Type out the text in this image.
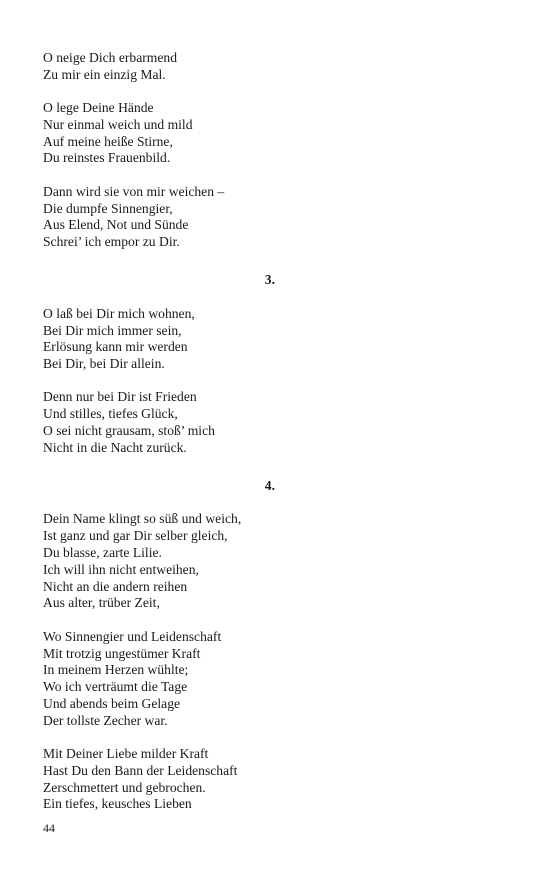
O neige Dich erbarmend
Zu mir ein einzig Mal.
O lege Deine Hände
Nur einmal weich und mild
Auf meine heiße Stirne,
Du reinstes Frauenbild.
Dann wird sie von mir weichen –
Die dumpfe Sinnengier,
Aus Elend, Not und Sünde
Schrei’ ich empor zu Dir.
3.
O laß bei Dir mich wohnen,
Bei Dir mich immer sein,
Erlösung kann mir werden
Bei Dir, bei Dir allein.
Denn nur bei Dir ist Frieden
Und stilles, tiefes Glück,
O sei nicht grausam, stoß’ mich
Nicht in die Nacht zurück.
4.
Dein Name klingt so süß und weich,
Ist ganz und gar Dir selber gleich,
Du blasse, zarte Lilie.
Ich will ihn nicht entweihen,
Nicht an die andern reihen
Aus alter, trüber Zeit,
Wo Sinnengier und Leidenschaft
Mit trotzig ungestümer Kraft
In meinem Herzen wühlte;
Wo ich verträumt die Tage
Und abends beim Gelage
Der tollste Zecher war.
Mit Deiner Liebe milder Kraft
Hast Du den Bann der Leidenschaft
Zerschmettert und gebrochen.
Ein tiefes, keusches Lieben
44
